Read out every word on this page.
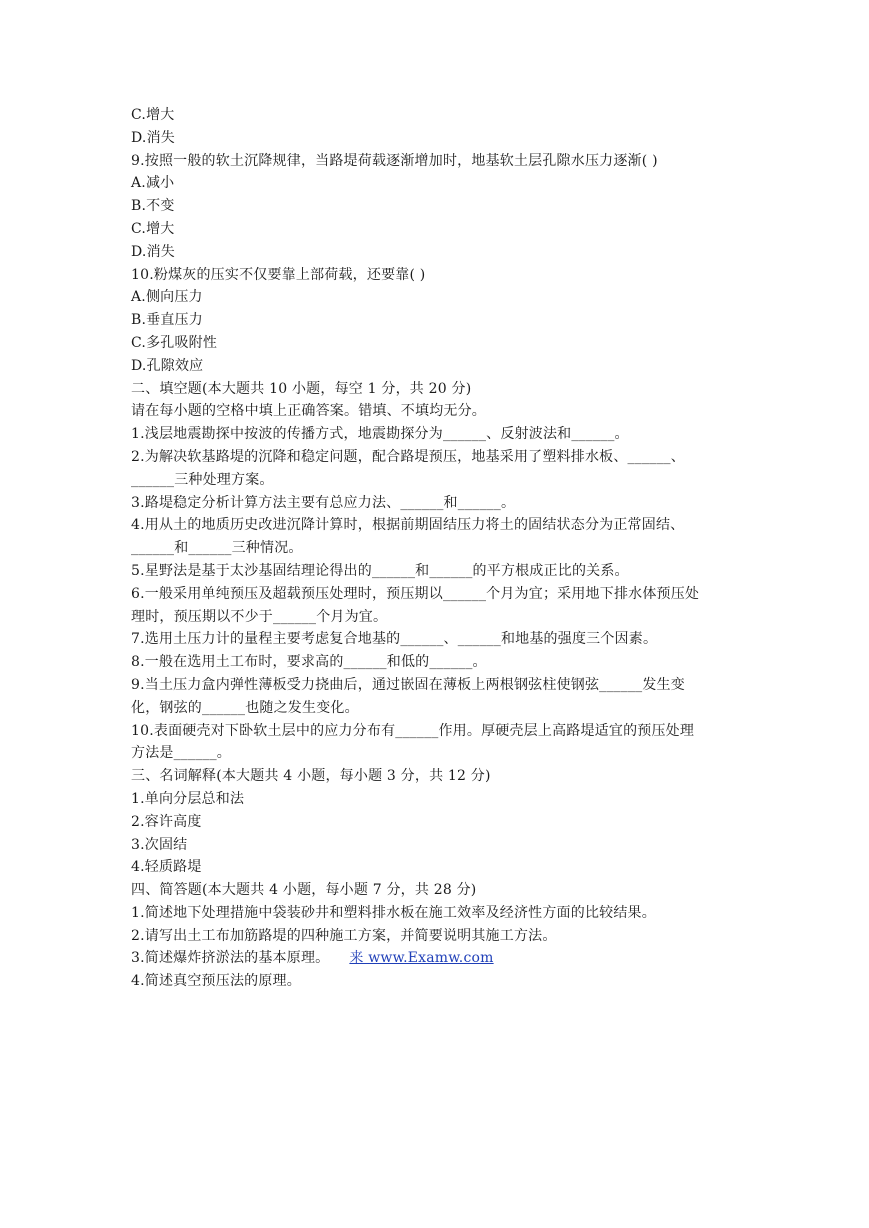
C.增大
D.消失
9.按照一般的软土沉降规律，当路堤荷载逐渐增加时，地基软土层孔隙水压力逐渐( )
A.减小
B.不变
C.增大
D.消失
10.粉煤灰的压实不仅要靠上部荷载，还要靠( )
A.侧向压力
B.垂直压力
C.多孔吸附性
D.孔隙效应
二、填空题(本大题共 10 小题，每空 1 分，共 20 分)
请在每小题的空格中填上正确答案。错填、不填均无分。
1.浅层地震勘探中按波的传播方式，地震勘探分为______、反射波法和______。
2.为解决软基路堤的沉降和稳定问题，配合路堤预压，地基采用了塑料排水板、______、
______三种处理方案。
3.路堤稳定分析计算方法主要有总应力法、______和______。
4.用从土的地质历史改进沉降计算时，根据前期固结压力将土的固结状态分为正常固结、
______和______三种情况。
5.星野法是基于太沙基固结理论得出的______和______的平方根成正比的关系。
6.一般采用单纯预压及超载预压处理时，预压期以______个月为宜；采用地下排水体预压处
理时，预压期以不少于______个月为宜。
7.选用土压力计的量程主要考虑复合地基的______、______和地基的强度三个因素。
8.一般在选用土工布时，要求高的______和低的______。
9.当土压力盒内弹性薄板受力挠曲后，通过嵌固在薄板上两根钢弦柱使钢弦______发生变
化，钢弦的______也随之发生变化。
10.表面硬壳对下卧软土层中的应力分布有______作用。厚硬壳层上高路堤适宜的预压处理
方法是______。
三、名词解释(本大题共 4 小题，每小题 3 分，共 12 分)
1.单向分层总和法
2.容许高度
3.次固结
4.轻质路堤
四、简答题(本大题共 4 小题，每小题 7 分，共 28 分)
1.简述地下处理措施中袋装砂井和塑料排水板在施工效率及经济性方面的比较结果。
2.请写出土工布加筋路堤的四种施工方案，并简要说明其施工方法。
3.简述爆炸挤淤法的基本原理。 来 www.Examw.com
4.简述真空预压法的原理。
